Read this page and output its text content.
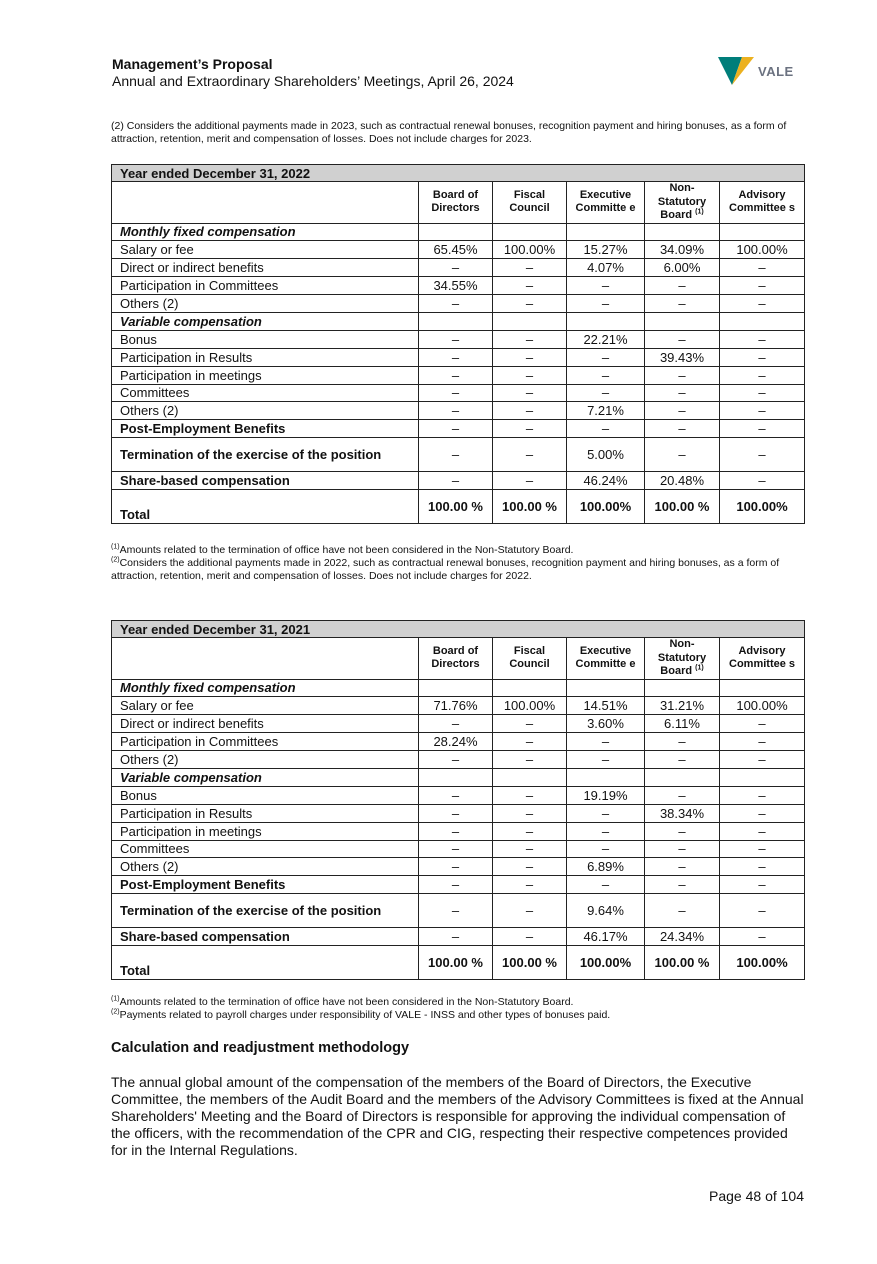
Management’s Proposal
Annual and Extraordinary Shareholders’ Meetings, April 26, 2024
VALE
(2) Considers the additional payments made in 2023, such as contractual renewal bonuses, recognition payment and hiring bonuses, as a form of attraction, retention, merit and compensation of losses. Does not include charges for 2023.
Year ended December 31, 2022					
	Board of Directors	Fiscal Council	Executive Committe e	Non-Statutory Board $^{(1)}$	Advisory Committee s
Monthly fixed compensation					
Salary or fee	65.45%	100.00%	15.27%	34.09%	100.00%
Direct or indirect benefits	–	–	4.07%	6.00%	–
Participation in Committees	34.55%	–	–	–	–
Others (2)	–	–	–	–	–
Variable compensation					
Bonus	–	–	22.21%	–	–
Participation in Results	–	–	–	39.43%	–
Participation in meetings	–	–	–	–	–
Committees	–	–	–	–	–
Others (2)	–	–	7.21%	–	–
Post-Employment Benefits	–	–	–	–	–
Termination of the exercise of the position	–	–	5.00%	–	–
Share-based compensation	–	–	46.24%	20.48%	–
Total	100.00 %	100.00 %	100.00%	100.00 %	100.00%
$^{(1)}$Amounts related to the termination of office have not been considered in the Non-Statutory Board.
$^{(2)}$Considers the additional payments made in 2022, such as contractual renewal bonuses, recognition payment and hiring bonuses, as a form of attraction, retention, merit and compensation of losses. Does not include charges for 2022.
Year ended December 31, 2021					
	Board of Directors	Fiscal Council	Executive Committe e	Non-Statutory Board $^{(1)}$	Advisory Committee s
Monthly fixed compensation					
Salary or fee	71.76%	100.00%	14.51%	31.21%	100.00%
Direct or indirect benefits	–	–	3.60%	6.11%	–
Participation in Committees	28.24%	–	–	–	–
Others (2)	–	–	–	–	–
Variable compensation					
Bonus	–	–	19.19%	–	–
Participation in Results	–	–	–	38.34%	–
Participation in meetings	–	–	–	–	–
Committees	–	–	–	–	–
Others (2)	–	–	6.89%	–	–
Post-Employment Benefits	–	–	–	–	–
Termination of the exercise of the position	–	–	9.64%	–	–
Share-based compensation	–	–	46.17%	24.34%	–
Total	100.00 %	100.00 %	100.00%	100.00 %	100.00%
$^{(1)}$Amounts related to the termination of office have not been considered in the Non-Statutory Board.
$^{(2)}$Payments related to payroll charges under responsibility of VALE - INSS and other types of bonuses paid.
Calculation and readjustment methodology
The annual global amount of the compensation of the members of the Board of Directors, the Executive Committee, the members of the Audit Board and the members of the Advisory Committees is fixed at the Annual Shareholders' Meeting and the Board of Directors is responsible for approving the individual compensation of the officers, with the recommendation of the CPR and CIG, respecting their respective competences provided for in the Internal Regulations.
Page 48 of 104
